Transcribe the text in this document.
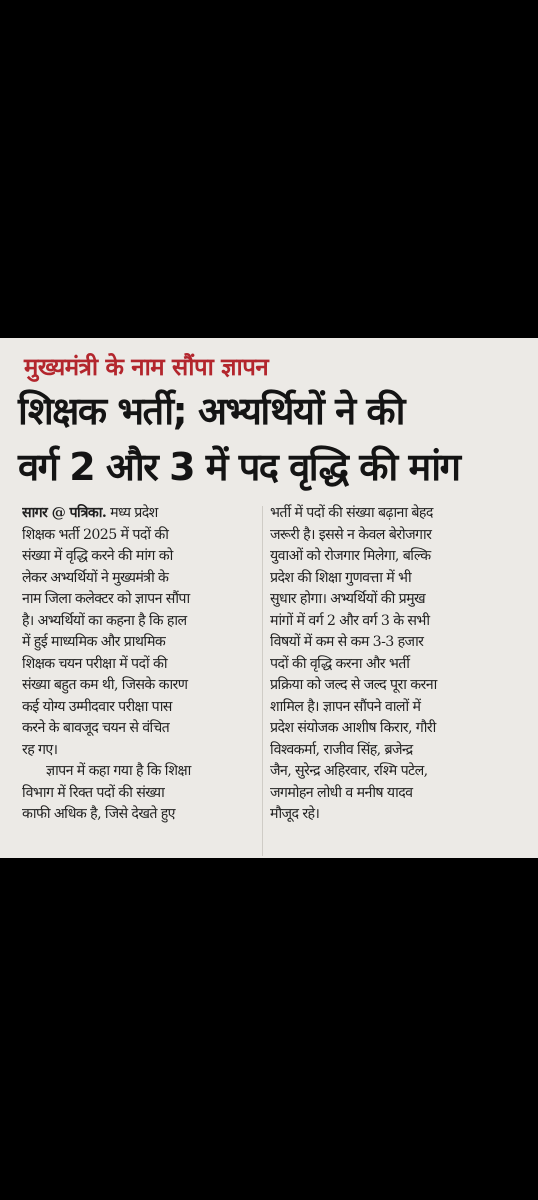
मुख्यमंत्री के नाम सौंपा ज्ञापन
शिक्षक भर्ती; अभ्यर्थियों ने की
वर्ग 2 और 3 में पद वृद्धि की मांग
सागर @ पत्रिका. मध्य प्रदेश
शिक्षक भर्ती 2025 में पदों की
संख्या में वृद्धि करने की मांग को
लेकर अभ्यर्थियों ने मुख्यमंत्री के
नाम जिला कलेक्टर को ज्ञापन सौंपा
है। अभ्यर्थियों का कहना है कि हाल
में हुई माध्यमिक और प्राथमिक
शिक्षक चयन परीक्षा में पदों की
संख्या बहुत कम थी, जिसके कारण
कई योग्य उम्मीदवार परीक्षा पास
करने के बावजूद चयन से वंचित
रह गए।
ज्ञापन में कहा गया है कि शिक्षा
विभाग में रिक्त पदों की संख्या
काफी अधिक है, जिसे देखते हुए
भर्ती में पदों की संख्या बढ़ाना बेहद
जरूरी है। इससे न केवल बेरोजगार
युवाओं को रोजगार मिलेगा, बल्कि
प्रदेश की शिक्षा गुणवत्ता में भी
सुधार होगा। अभ्यर्थियों की प्रमुख
मांगों में वर्ग 2 और वर्ग 3 के सभी
विषयों में कम से कम 3-3 हजार
पदों की वृद्धि करना और भर्ती
प्रक्रिया को जल्द से जल्द पूरा करना
शामिल है। ज्ञापन सौंपने वालों में
प्रदेश संयोजक आशीष किरार, गौरी
विश्वकर्मा, राजीव सिंह, ब्रजेन्द्र
जैन, सुरेन्द्र अहिरवार, रश्मि पटेल,
जगमोहन लोधी व मनीष यादव
मौजूद रहे।
